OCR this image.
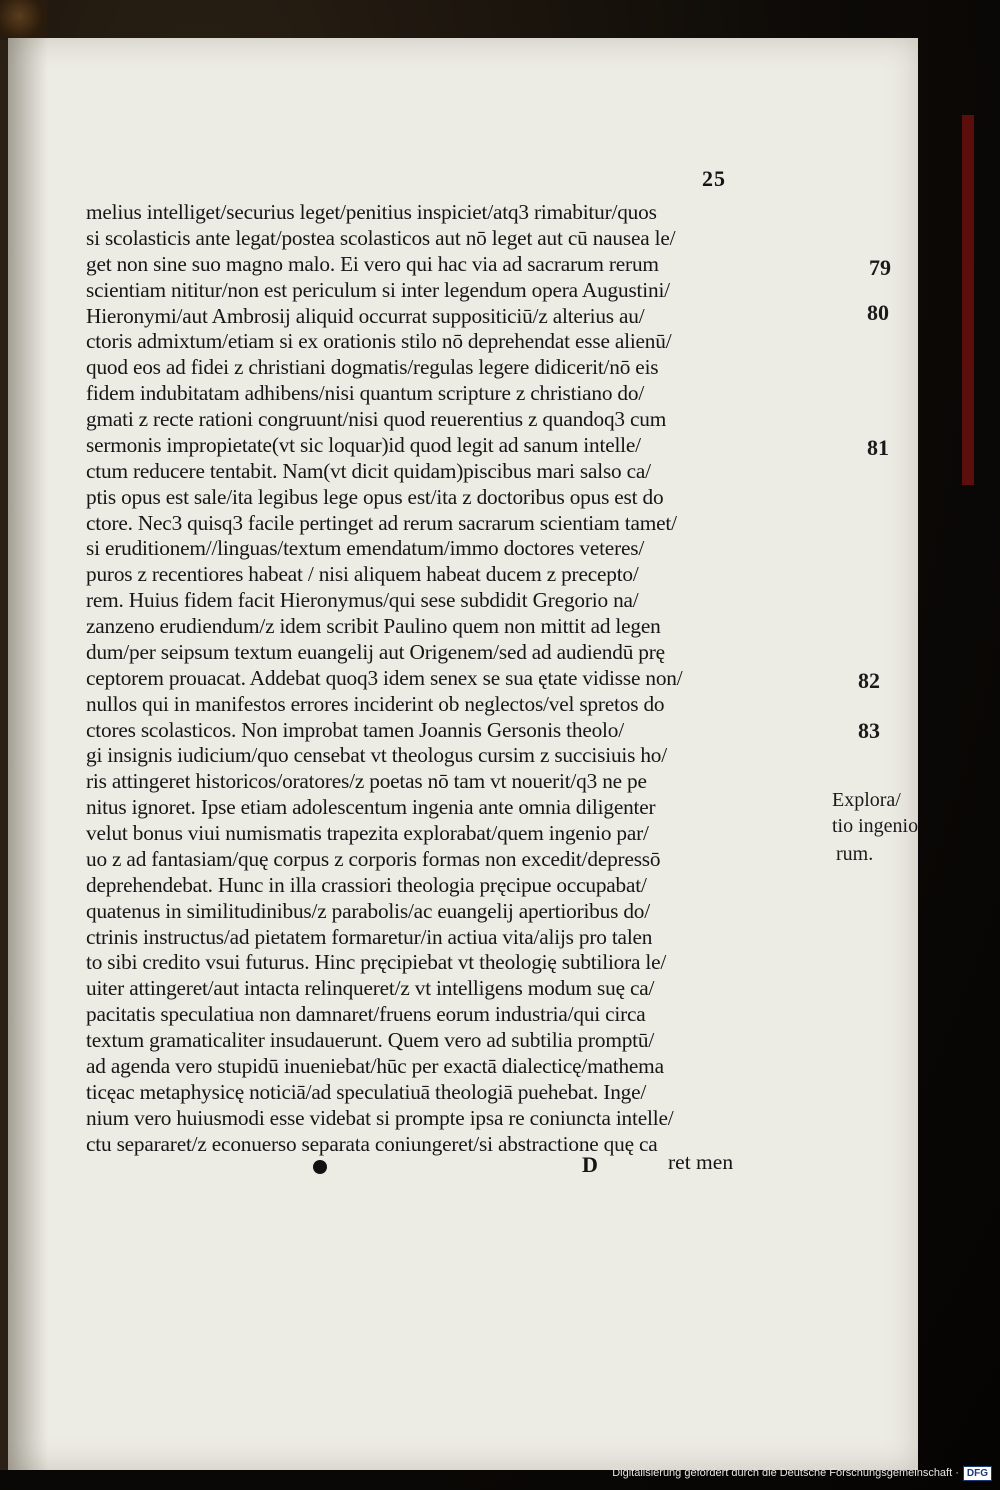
25
melius intelliget/securius leget/penitius inspiciet/atq3 rimabitur/quos
si scolasticis ante legat/postea scolasticos aut nō leget aut cū nausea le/
get non sine suo magno malo. Ei vero qui hac via ad sacrarum rerum
scientiam nititur/non est periculum si inter legendum opera Augustini/
Hieronymi/aut Ambrosij aliquid occurrat suppositiciū/z alterius au/
ctoris admixtum/etiam si ex orationis stilo nō deprehendat esse alienū/
quod eos ad fidei z christiani dogmatis/regulas legere didicerit/nō eis
fidem indubitatam adhibens/nisi quantum scripture z christiano do/
gmati z recte rationi congruunt/nisi quod reuerentius z quandoq3 cum
sermonis impropietate(vt sic loquar)id quod legit ad sanum intelle/
ctum reducere tentabit. Nam(vt dicit quidam)piscibus mari salso ca/
ptis opus est sale/ita legibus lege opus est/ita z doctoribus opus est do
ctore. Nec3 quisq3 facile pertinget ad rerum sacrarum scientiam tamet/
si eruditionem//linguas/textum emendatum/immo doctores veteres/
puros z recentiores habeat / nisi aliquem habeat ducem z precepto/
rem. Huius fidem facit Hieronymus/qui sese subdidit Gregorio na/
zanzeno erudiendum/z idem scribit Paulino quem non mittit ad legen
dum/per seipsum textum euangelij aut Origenem/sed ad audiendū prę
ceptorem prouacat. Addebat quoq3 idem senex se sua ętate vidisse non/
nullos qui in manifestos errores inciderint ob neglectos/vel spretos do
ctores scolasticos. Non improbat tamen Joannis Gersonis theolo/
gi insignis iudicium/quo censebat vt theologus cursim z succisiuis ho/
ris attingeret historicos/oratores/z poetas nō tam vt nouerit/q3 ne pe
nitus ignoret. Ipse etiam adolescentum ingenia ante omnia diligenter
velut bonus viui numismatis trapezita explorabat/quem ingenio par/
uo z ad fantasiam/quę corpus z corporis formas non excedit/depressō
deprehendebat. Hunc in illa crassiori theologia pręcipue occupabat/
quatenus in similitudinibus/z parabolis/ac euangelij apertioribus do/
ctrinis instructus/ad pietatem formaretur/in actiua vita/alijs pro talen
to sibi credito vsui futurus. Hinc pręcipiebat vt theologię subtiliora le/
uiter attingeret/aut intacta relinqueret/z vt intelligens modum suę ca/
pacitatis speculatiua non damnaret/fruens eorum industria/qui circa
textum gramaticaliter insudauerunt. Quem vero ad subtilia promptū/
ad agenda vero stupidū inueniebat/hūc per exactā dialecticę/mathema
ticęac metaphysicę noticiā/ad speculatiuā theologiā puehebat. Inge/
nium vero huiusmodi esse videbat si prompte ipsa re coniuncta intelle/
ctu separaret/z econuerso separata coniungeret/si abstractione quę ca
79
80
81
82
83
Explora/
tio ingenio
rum.
D	ret men
Digitalisierung gefördert durch die Deutsche Forschungsgemeinschaft · DFG
